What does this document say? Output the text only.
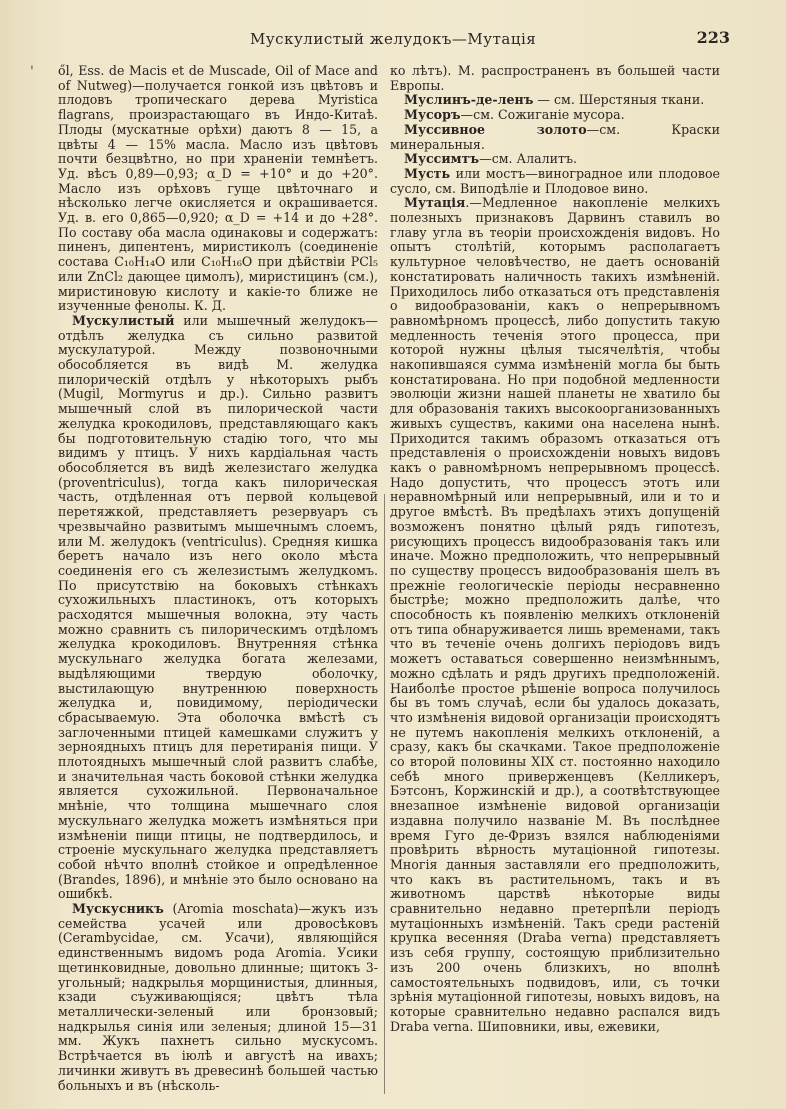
Мускулистый желудокъ—Мутація	223
' ől, Ess. de Macis et de Muscade, Oil of Mace and of Nutweg)—получается гонкой изъ цвѣтовъ и плодовъ тропическаго дерева Myristica flagrans, произрастающаго въ Индо-Китаѣ. Плоды (мускатные орѣхи) даютъ 8 — 15, а цвѣты 4 — 15% масла. Масло изъ цвѣтовъ почти безцвѣтно, но при храненіи темнѣетъ. Уд. вѣсъ 0,89—0,93; α_D = +10° и до +20°. Масло изъ орѣховъ гуще цвѣточнаго и нѣсколько легче окисляется и окрашивается. Уд. в. его 0,865—0,920; α_D = +14 и до +28°. По составу оба масла одинаковы и содержатъ: пиненъ, дипентенъ, миристиколъ (соединеніе состава C₁₀H₁₄O или C₁₀H₁₆O при дѣйствіи PCl₅ или ZnCl₂ дающее цимолъ), миристицинъ (см.), миристиновую кислоту и какіе-то ближе не изученные фенолы. К. Д.

Мускулистый или мышечный желудокъ—отдѣлъ желудка съ сильно развитой мускулатурой. Между позвоночными обособляется въ видѣ М. желудка пилорическій отдѣлъ у нѣкоторыхъ рыбъ (Mugil, Mormyrus и др.). Сильно развитъ мышечный слой въ пилорической части желудка крокодиловъ, представляющаго какъ бы подготовительную стадію того, что мы видимъ у птицъ. У нихъ кардіальная часть обособляется въ видѣ железистаго желудка (proventriculus), тогда какъ пилорическая часть, отдѣленная отъ первой кольцевой перетяжкой, представляетъ резервуаръ съ чрезвычайно развитымъ мышечнымъ слоемъ, или М. желудокъ (ventriculus). Средняя кишка беретъ начало изъ него около мѣста соединенія его съ железистымъ желудкомъ. По присутствію на боковыхъ стѣнкахъ сухожильныхъ пластинокъ, отъ которыхъ расходятся мышечныя волокна, эту часть можно сравнить съ пилорическимъ отдѣломъ желудка крокодиловъ. Внутренняя стѣнка мускульнаго желудка богата железами, выдѣляющими твердую оболочку, выстилающую внутреннюю поверхность желудка и, повидимому, періодически сбрасываемую. Эта оболочка вмѣстѣ съ заглоченными птицей камешками служитъ у зерноядныхъ птицъ для перетиранія пищи. У плотоядныхъ мышечный слой развитъ слабѣе, и значительная часть боковой стѣнки желудка является сухожильной. Первоначальное мнѣніе, что толщина мышечнаго слоя мускульнаго желудка можетъ измѣняться при измѣненіи пищи птицы, не подтвердилось, и строеніе мускульнаго желудка представляетъ собой нѣчто вполнѣ стойкое и опредѣленное (Brandes, 1896), и мнѣніе это было основано на ошибкѣ.

Мускусникъ (Aromia moschata)—жукъ изъ семейства усачей или дровосѣковъ (Cerambycidae, см. Усачи), являющійся единственнымъ видомъ рода Aromia. Усики щетинковидные, довольно длинные; щитокъ 3-угольный; надкрылья морщинистыя, длинныя, кзади съуживающіяся; цвѣтъ тѣла металлически-зеленый или бронзовый; надкрылья синія или зеленыя; длиной 15—31 мм. Жукъ пахнетъ сильно мускусомъ. Встрѣчается въ іюлѣ и августѣ на ивахъ; личинки живутъ въ древесинѣ большей частью больныхъ и въ (нѣсколь-

ко лѣтъ). М. распространенъ въ большей части Европы.

Муслинъ-де-ленъ — см. Шерстяныя ткани.

Мусоръ—см. Сожиганіе мусора.

Муссивное золото—см. Краски минеральныя.

Муссимтъ—см. Алалитъ.

Мусть или мостъ—виноградное или плодовое сусло, см. Виподѣліе и Плодовое вино.

Мутація.—Медленное накопленіе мелкихъ полезныхъ признаковъ Дарвинъ ставилъ во главу угла въ теоріи происхожденія видовъ. Но опытъ столѣтій, которымъ располагаетъ культурное человѣчество, не даетъ основаній констатировать наличность такихъ измѣненій. Приходилось либо отказаться отъ представленія о видообразованіи, какъ о непрерывномъ равномѣрномъ процессѣ, либо допустить такую медленность теченія этого процесса, при которой нужны цѣлыя тысячелѣтія, чтобы накопившаяся сумма измѣненій могла бы быть констатирована. Но при подобной медленности эволюціи жизни нашей планеты не хватило бы для образованія такихъ высокоорганизованныхъ живыхъ существъ, какими она населена нынѣ. Приходится такимъ образомъ отказаться отъ представленія о происхожденіи новыхъ видовъ какъ о равномѣрномъ непрерывномъ процессѣ. Надо допустить, что процессъ этотъ или неравномѣрный или непрерывный, или и то и другое вмѣстѣ. Въ предѣлахъ этихъ допущеній возможенъ понятно цѣлый рядъ гипотезъ, рисующихъ процессъ видообразованія такъ или иначе. Можно предположить, что непрерывный по существу процессъ видообразованія шелъ въ прежніе геологическіе періоды несравненно быстрѣе; можно предположить далѣе, что способность къ появленію мелкихъ отклоненій отъ типа обнаруживается лишь временами, такъ что въ теченіе очень долгихъ періодовъ видъ можетъ оставаться совершенно неизмѣннымъ, можно сдѣлать и рядъ другихъ предположеній. Наиболѣе простое рѣшеніе вопроса получилось бы въ томъ случаѣ, если бы удалось доказать, что измѣненія видовой организаціи происходятъ не путемъ накопленія мелкихъ отклоненій, а сразу, какъ бы скачками. Такое предположеніе со второй половины XIX ст. постоянно находило себѣ много приверженцевъ (Келликеръ, Бэтсонъ, Коржинскій и др.), а соотвѣтствующее внезапное измѣненіе видовой организаціи издавна получило названіе М. Въ послѣднее время Гуго де-Фризъ взялся наблюденіями провѣрить вѣрность мутаціонной гипотезы. Многія данныя заставляли его предположить, что какъ въ растительномъ, такъ и въ животномъ царствѣ нѣкоторые виды сравнительно недавно претерпѣли періодъ мутаціонныхъ измѣненій. Такъ среди растеній крупка весенняя (Draba verna) представляетъ изъ себя группу, состоящую приблизительно изъ 200 очень близкихъ, но вполнѣ самостоятельныхъ подвидовъ, или, съ точки зрѣнія мутаціонной гипотезы, новыхъ видовъ, на которые сравнительно недавно распался видъ Draba verna. Шиповники, ивы, ежевики,
